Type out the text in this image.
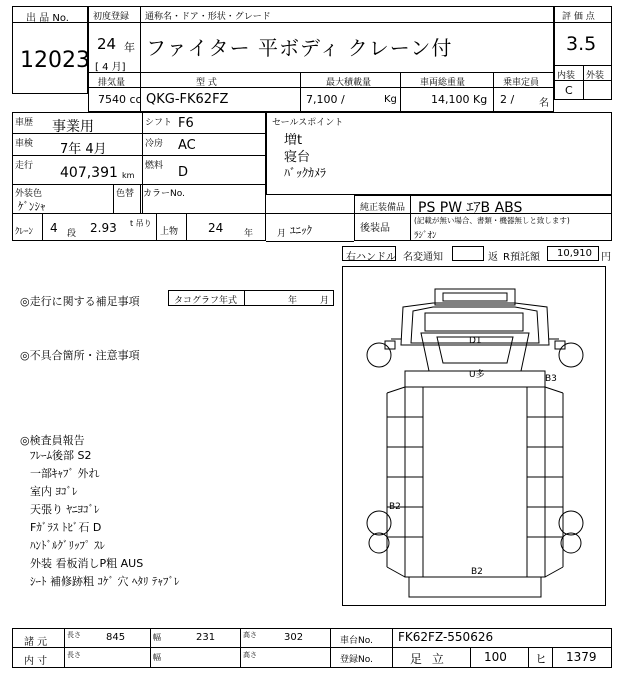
出 品 No.
12023
初度登録 通称名・ドア・形状・グレード
24 年
[ 4 月]
ファイター 平ボディ クレーン付
評 価 点
3.5
内装 外装
C
排気量	型 式	最大積載量	車両総重量	乗車定員
7540 cc QKG-FK62FZ	7,100 /	Kg	14,100 Kg 2 / 名
車歴 事業用	シフト F6
車検 7年 4月	冷房 AC
走行 407,391 km
燃料 D
外装色
ｹﾞﾝｼｬ
色替 カラーNo.
ｸﾚｰﾝ 4 段 2.93 t 吊り
上物 24 年	月 ﾕﾆｯｸ
セールスポイント
増t
寝台
ﾊﾞｯｸｶﾒﾗ
純正装備品 PS PW ｴｱB ABS
後装品
(記載が無い場合、書類・機器無しと致します)
ﾗｼﾞｵﾝ
右ハンドル 名変通知	返 R預託額 10,910 円
◎走行に関する補足事項	タコグラフ年式	年	月
◎不具合箇所・注意事項
◎検査員報告
ﾌﾚｰﾑ後部 S2
一部ｷｬﾌﾞ 外れ
室内 ﾖｺﾞﾚ
天張り ﾔﾆﾖｺﾞﾚ
Fｶﾞﾗｽ ﾄﾋﾞ石 D
ﾊﾝﾄﾞﾙｸﾞﾘｯﾌﾟ ｽﾚ
外装 看板消しP粗 AUS
ｼｰﾄ 補修跡粗 ｺｹﾞ 穴 ﾍﾀﾘ ﾃｬﾌﾞﾚ
D1
U多	B3
B2
B2
諸 元
長さ	845	幅	231	高さ	302	車台No. FK62FZ-550626
内 寸
長さ	幅	高さ	登録No.	足 立	100 ヒ 1379
